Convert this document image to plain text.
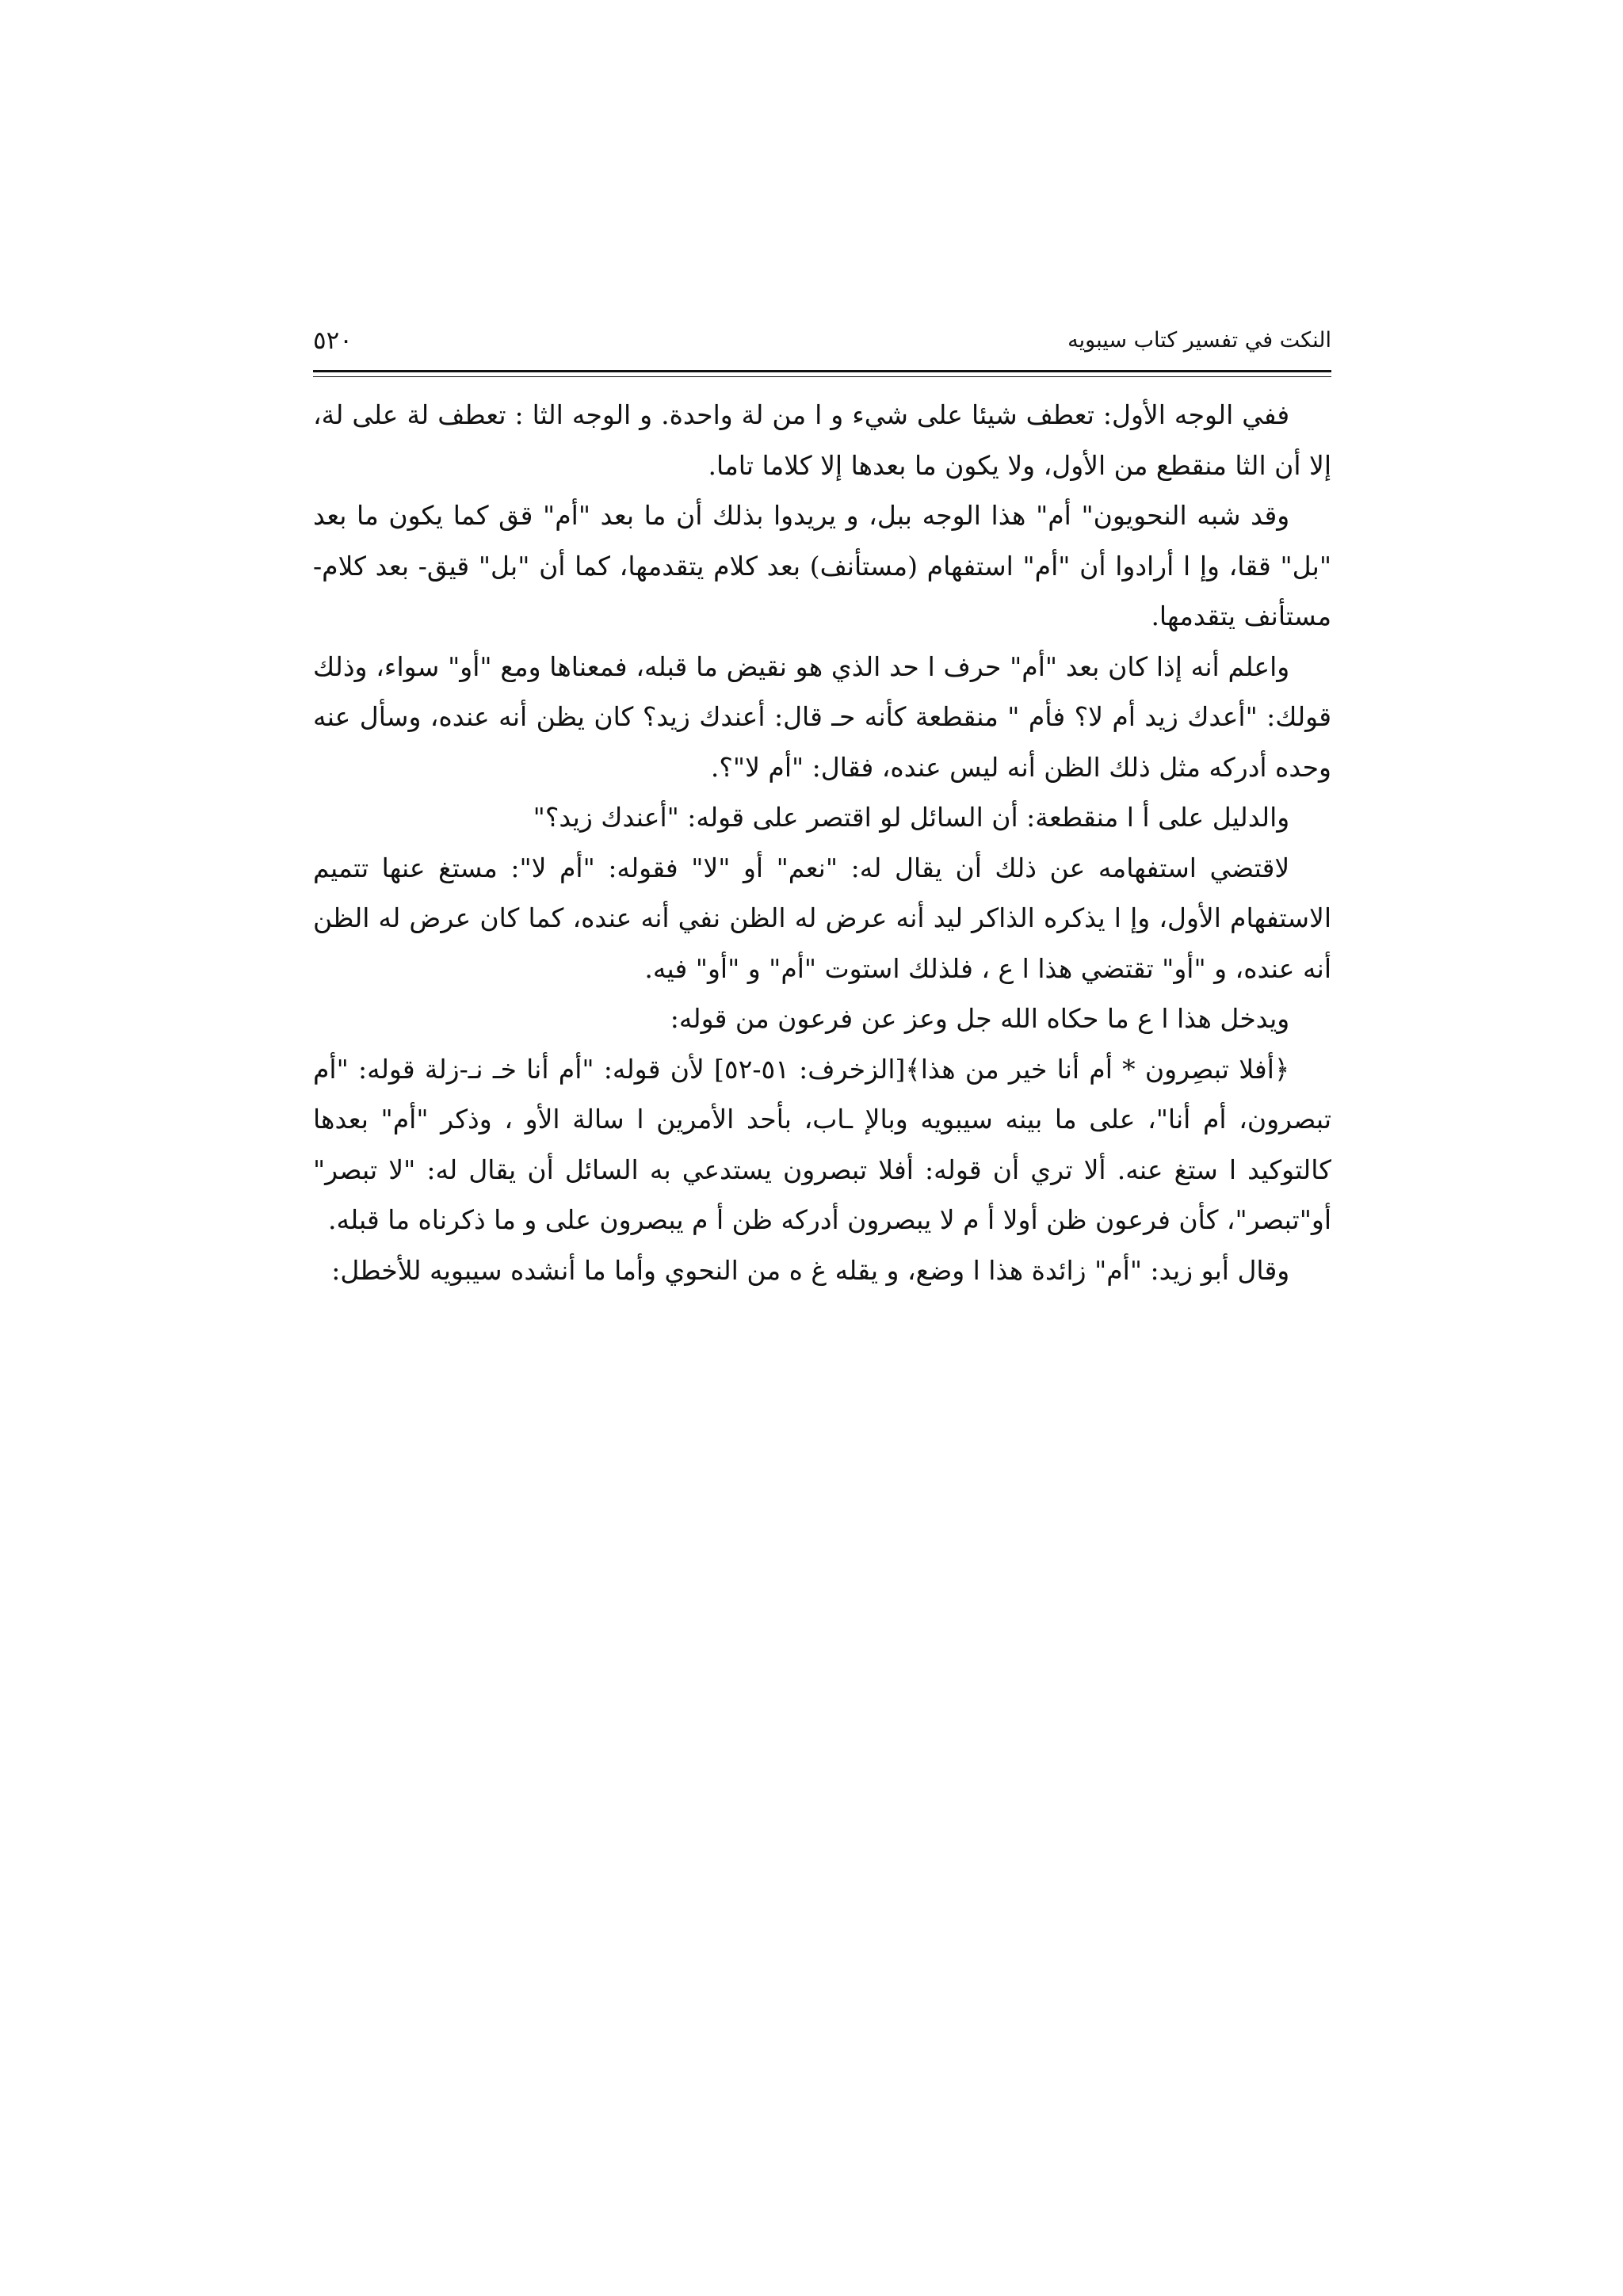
النكت في تفسير كتاب سيبويه
٥٢٠

ففي الوجه الأول: تعطف شيئا على شيء و ا من لة واحدة. و الوجه الثا : تعطف لة على لة، إلا أن الثا منقطع من الأول، ولا يكون ما بعدها إلا كلاما تاما.

وقد شبه النحويون" أم" هذا الوجه ببل، و يريدوا بذلك أن ما بعد "أم" قق كما يكون ما بعد "بل" ققا، وإ ا أرادوا أن "أم" استفهام (مستأنف) بعد كلام يتقدمها، كما أن "بل" قيق- بعد كلام- مستأنف يتقدمها.

واعلم أنه إذا كان بعد "أم" حرف ا حد الذي هو نقيض ما قبله، فمعناها ومع "أو" سواء، وذلك قولك: "أعدك زيد أم لا؟ فأم " منقطعة كأنه حـ قال: أعندك زيد؟ كان يظن أنه عنده، وسأل عنه وحده أدركه مثل ذلك الظن أنه ليس عنده، فقال: "أم لا"؟.

والدليل على أ ا منقطعة: أن السائل لو اقتصر على قوله: "أعندك زيد؟"

لاقتضي استفهامه عن ذلك أن يقال له: "نعم" أو "لا" فقوله: "أم لا": مستغ عنها تتميم الاستفهام الأول، وإ ا يذكره الذاكر ليد أنه عرض له الظن نفي أنه عنده، كما كان عرض له الظن أنه عنده، و "أو" تقتضي هذا ا ع ، فلذلك استوت "أم" و "أو" فيه.

ويدخل هذا ا ع ما حكاه الله جل وعز عن فرعون من قوله:

﴿أفلا تبصِرون * أم أنا خير من هذا﴾[الزخرف: ٥١-٥٢] لأن قوله: "أم أنا خـ نـ-زلة قوله: "أم تبصرون، أم أنا"، على ما بينه سيبويه وبالإ ـاب، بأحد الأمرين ا سالة الأو ، وذكر "أم" بعدها كالتوكيد ا ستغ عنه. ألا تري أن قوله: أفلا تبصرون يستدعي به السائل أن يقال له: "لا تبصر" أو"تبصر"، كأن فرعون ظن أولا أ م لا يبصرون أدركه ظن أ م يبصرون على و ما ذكرناه ما قبله.

وقال أبو زيد: "أم" زائدة هذا ا وضع، و يقله غ ه من النحوي وأما ما أنشده سيبويه للأخطل:
